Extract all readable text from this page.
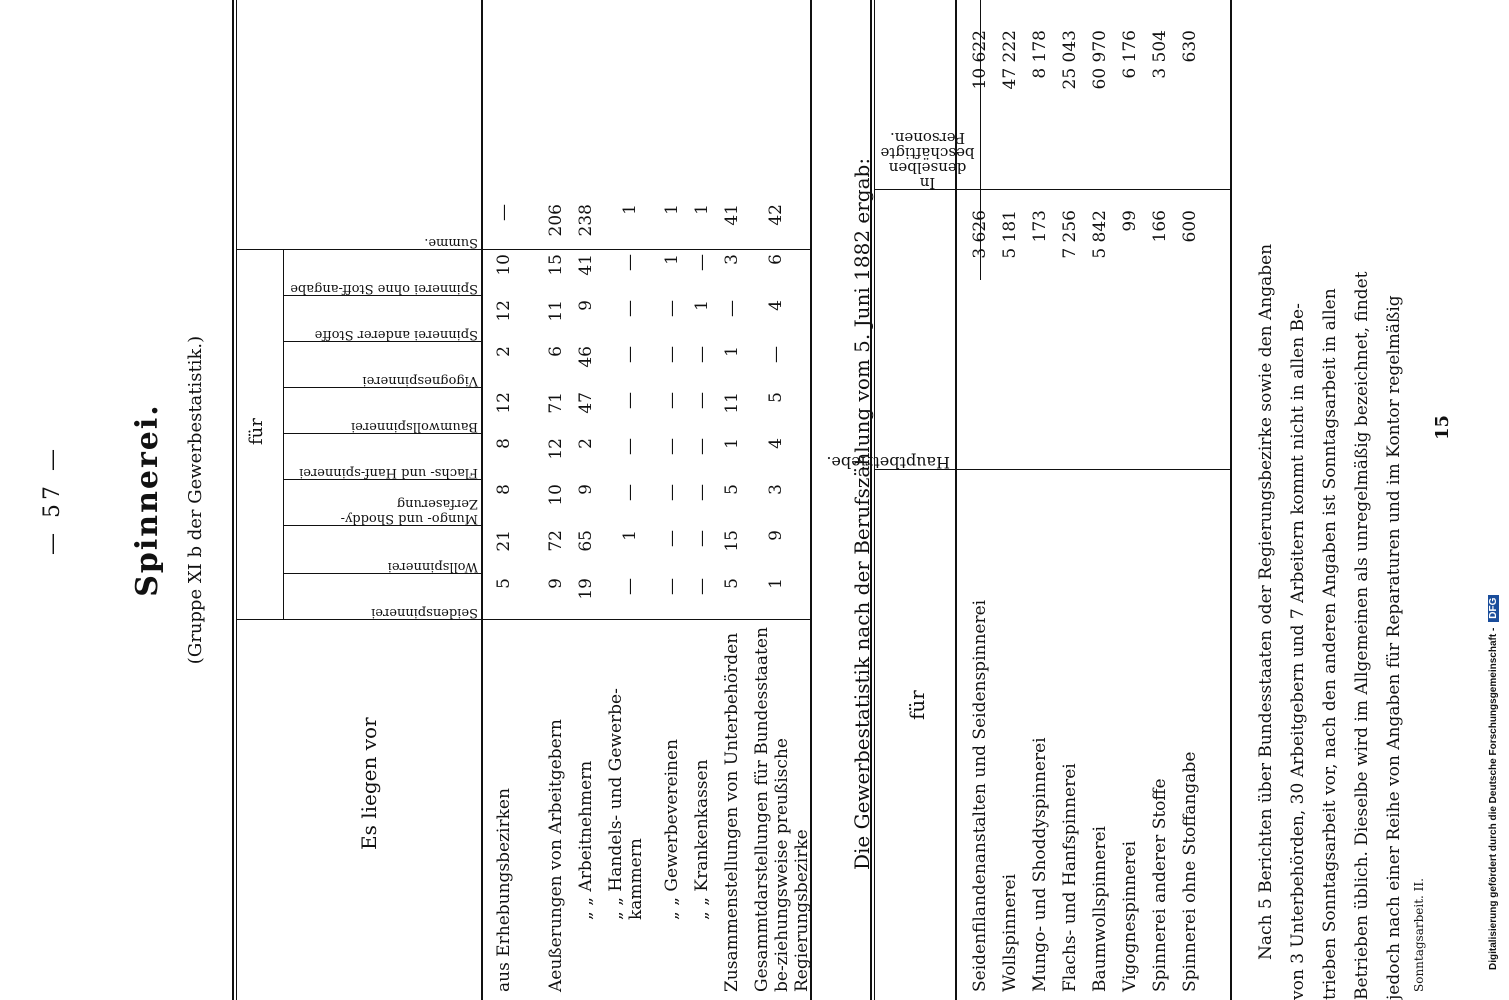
— 57 — Spinnerei. (Gruppe XI b der Gewerbestatistik.)
Es liegen vor
für
Seidenspinnerei
Wollspinnerei
Mungo- und Shoddy-Zerfaserung
Flachs- und Hanf-spinnerei
Baumwollspinnerei
Vigognespinnerei
Spinnerei anderer Stoffe
Spinnerei ohne Stoff-angabe
Summe.
aus Erhebungsbezirken Aeußerungen von Arbeitgebern „ „ Arbeitnehmern „ „ Handels- und Gewerbe-kammern „ „ Gewerbevereinen „ „ Krankenkassen Zusammenstellungen von Unterbehörden Gesammtdarstellungen für Bundesstaaten be-ziehungsweise preußische Regierungsbezirke
5
21
8
8
12
2
12
10
—
9
72
10
12
71
6
11
15
206
19
65
9
2
47
46
9
41
238
—
1
—
—
—
—
—
—
1
—
—
—
—
—
—
—
1
1
—
—
—
—
—
—
1
—
1
5
15
5
1
11
1
—
3
41
1
9
3
4
5
—
4
6
42	Die Gewerbestatistik nach der Berufszählung vom 5. Juni 1882 ergab: für
Hauptbetriebe.
In denselben beschäftigte Personen.
Seidenfilandenanstalten und Seidenspinnerei
3 626
10 622
Wollspinnerei
5 181
47 222
Mungo- und Shoddyspinnerei
173
8 178
Flachs- und Hanfspinnerei
7 256
25 043
Baumwollspinnerei
5 842
60 970
Vigognespinnerei
99
6 176
Spinnerei anderer Stoffe
166
3 504
Spinnerei ohne Stoffangabe
600
630
Nach 5 Berichten über Bundesstaaten oder Regierungsbezirke sowie den Angaben von 3 Unterbehörden, 30 Arbeitgebern und 7 Arbeitern kommt nicht in allen Be- trieben Sonntagsarbeit vor, nach den anderen Angaben ist Sonntagsarbeit in allen Betrieben üblich. Dieselbe wird im Allgemeinen als unregelmäßig bezeichnet, findet jedoch nach einer Reihe von Angaben für Reparaturen und im Kontor regelmäßig Sonntagsarbeit. II.
15
Digitalisierung gefördert durch die Deutsche Forschungsgemeinschaft -DFG
